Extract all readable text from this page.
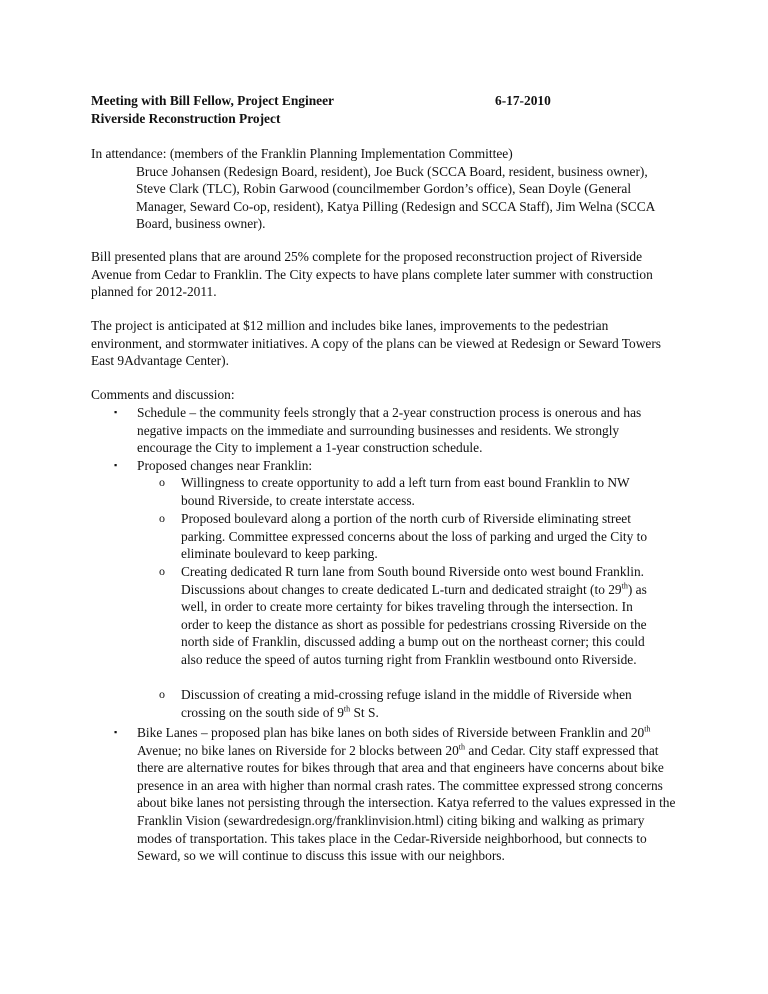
Meeting with Bill Fellow, Project Engineer	6-17-2010
Riverside Reconstruction Project
In attendance: (members of the Franklin Planning Implementation Committee)
Bruce Johansen (Redesign Board, resident), Joe Buck (SCCA Board, resident, business owner), Steve Clark (TLC), Robin Garwood (councilmember Gordon’s office), Sean Doyle (General Manager, Seward Co-op, resident), Katya Pilling (Redesign and SCCA Staff), Jim Welna (SCCA Board, business owner).
Bill presented plans that are around 25% complete for the proposed reconstruction project of Riverside Avenue from Cedar to Franklin. The City expects to have plans complete later summer with construction planned for 2012-2011.
The project is anticipated at $12 million and includes bike lanes, improvements to the pedestrian environment, and stormwater initiatives. A copy of the plans can be viewed at Redesign or Seward Towers East 9Advantage Center).
Comments and discussion:
▪ Schedule – the community feels strongly that a 2-year construction process is onerous and has negative impacts on the immediate and surrounding businesses and residents. We strongly encourage the City to implement a 1-year construction schedule.
▪ Proposed changes near Franklin:
o Willingness to create opportunity to add a left turn from east bound Franklin to NW bound Riverside, to create interstate access.
o Proposed boulevard along a portion of the north curb of Riverside eliminating street parking. Committee expressed concerns about the loss of parking and urged the City to eliminate boulevard to keep parking.
o Creating dedicated R turn lane from South bound Riverside onto west bound Franklin. Discussions about changes to create dedicated L-turn and dedicated straight (to 29th) as well, in order to create more certainty for bikes traveling through the intersection. In order to keep the distance as short as possible for pedestrians crossing Riverside on the north side of Franklin, discussed adding a bump out on the northeast corner; this could also reduce the speed of autos turning right from Franklin westbound onto Riverside.
o Discussion of creating a mid-crossing refuge island in the middle of Riverside when crossing on the south side of 9th St S.
▪ Bike Lanes – proposed plan has bike lanes on both sides of Riverside between Franklin and 20th Avenue; no bike lanes on Riverside for 2 blocks between 20th and Cedar. City staff expressed that there are alternative routes for bikes through that area and that engineers have concerns about bike presence in an area with higher than normal crash rates. The committee expressed strong concerns about bike lanes not persisting through the intersection. Katya referred to the values expressed in the Franklin Vision (sewardredesign.org/franklinvision.html) citing biking and walking as primary modes of transportation. This takes place in the Cedar-Riverside neighborhood, but connects to Seward, so we will continue to discuss this issue with our neighbors.
